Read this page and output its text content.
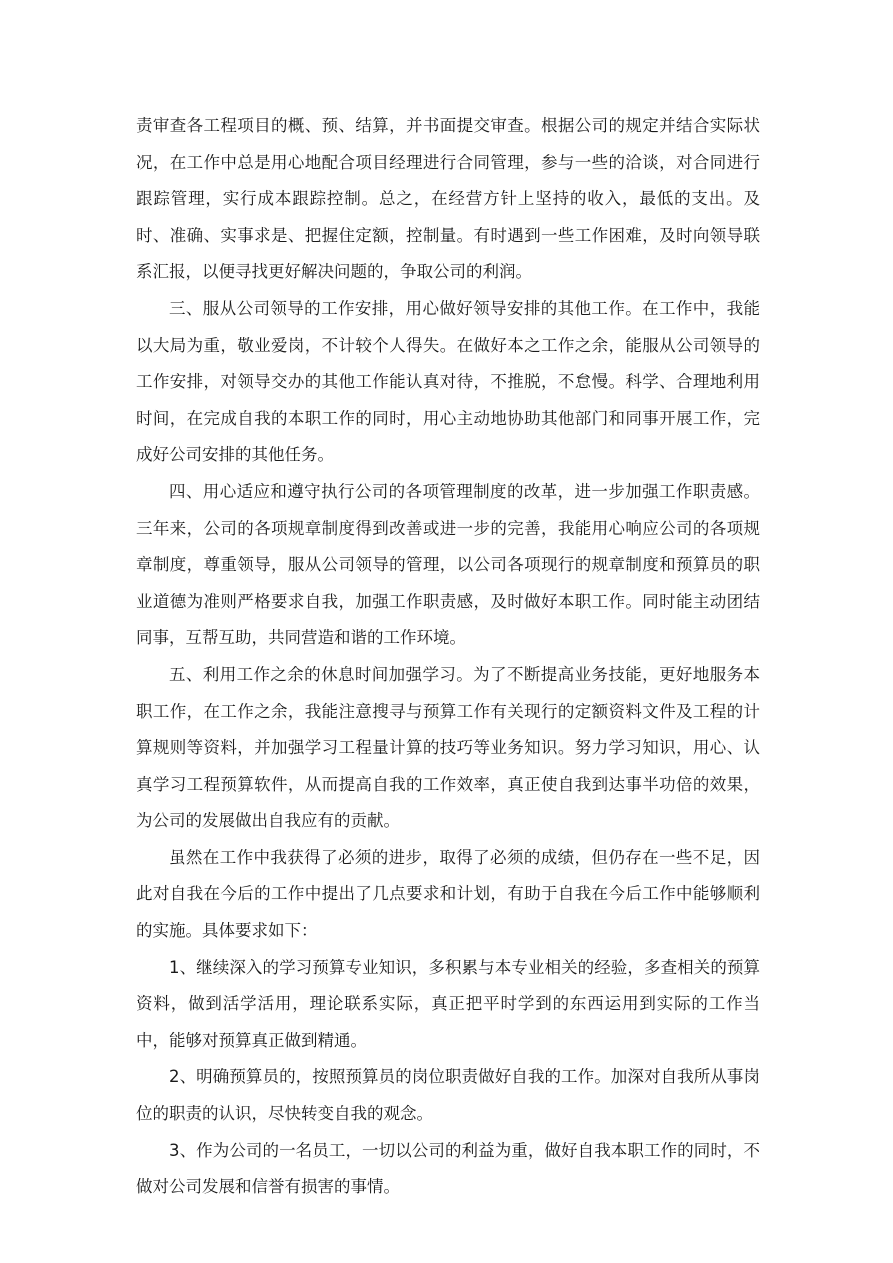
责审查各工程项目的概、预、结算，并书面提交审查。根据公司的规定并结合实际状况，在工作中总是用心地配合项目经理进行合同管理，参与一些的洽谈，对合同进行跟踪管理，实行成本跟踪控制。总之，在经营方针上坚持的收入，最低的支出。及时、准确、实事求是、把握住定额，控制量。有时遇到一些工作困难，及时向领导联系汇报，以便寻找更好解决问题的，争取公司的利润。

三、服从公司领导的工作安排，用心做好领导安排的其他工作。在工作中，我能以大局为重，敬业爱岗，不计较个人得失。在做好本之工作之余，能服从公司领导的工作安排，对领导交办的其他工作能认真对待，不推脱，不怠慢。科学、合理地利用时间，在完成自我的本职工作的同时，用心主动地协助其他部门和同事开展工作，完成好公司安排的其他任务。

四、用心适应和遵守执行公司的各项管理制度的改革，进一步加强工作职责感。三年来，公司的各项规章制度得到改善或进一步的完善，我能用心响应公司的各项规章制度，尊重领导，服从公司领导的管理，以公司各项现行的规章制度和预算员的职业道德为准则严格要求自我，加强工作职责感，及时做好本职工作。同时能主动团结同事，互帮互助，共同营造和谐的工作环境。

五、利用工作之余的休息时间加强学习。为了不断提高业务技能，更好地服务本职工作，在工作之余，我能注意搜寻与预算工作有关现行的定额资料文件及工程的计算规则等资料，并加强学习工程量计算的技巧等业务知识。努力学习知识，用心、认真学习工程预算软件，从而提高自我的工作效率，真正使自我到达事半功倍的效果，为公司的发展做出自我应有的贡献。

虽然在工作中我获得了必须的进步，取得了必须的成绩，但仍存在一些不足，因此对自我在今后的工作中提出了几点要求和计划，有助于自我在今后工作中能够顺利的实施。具体要求如下：

1、继续深入的学习预算专业知识，多积累与本专业相关的经验，多查相关的预算资料，做到活学活用，理论联系实际，真正把平时学到的东西运用到实际的工作当中，能够对预算真正做到精通。

2、明确预算员的，按照预算员的岗位职责做好自我的工作。加深对自我所从事岗位的职责的认识，尽快转变自我的观念。

3、作为公司的一名员工，一切以公司的利益为重，做好自我本职工作的同时，不做对公司发展和信誉有损害的事情。
